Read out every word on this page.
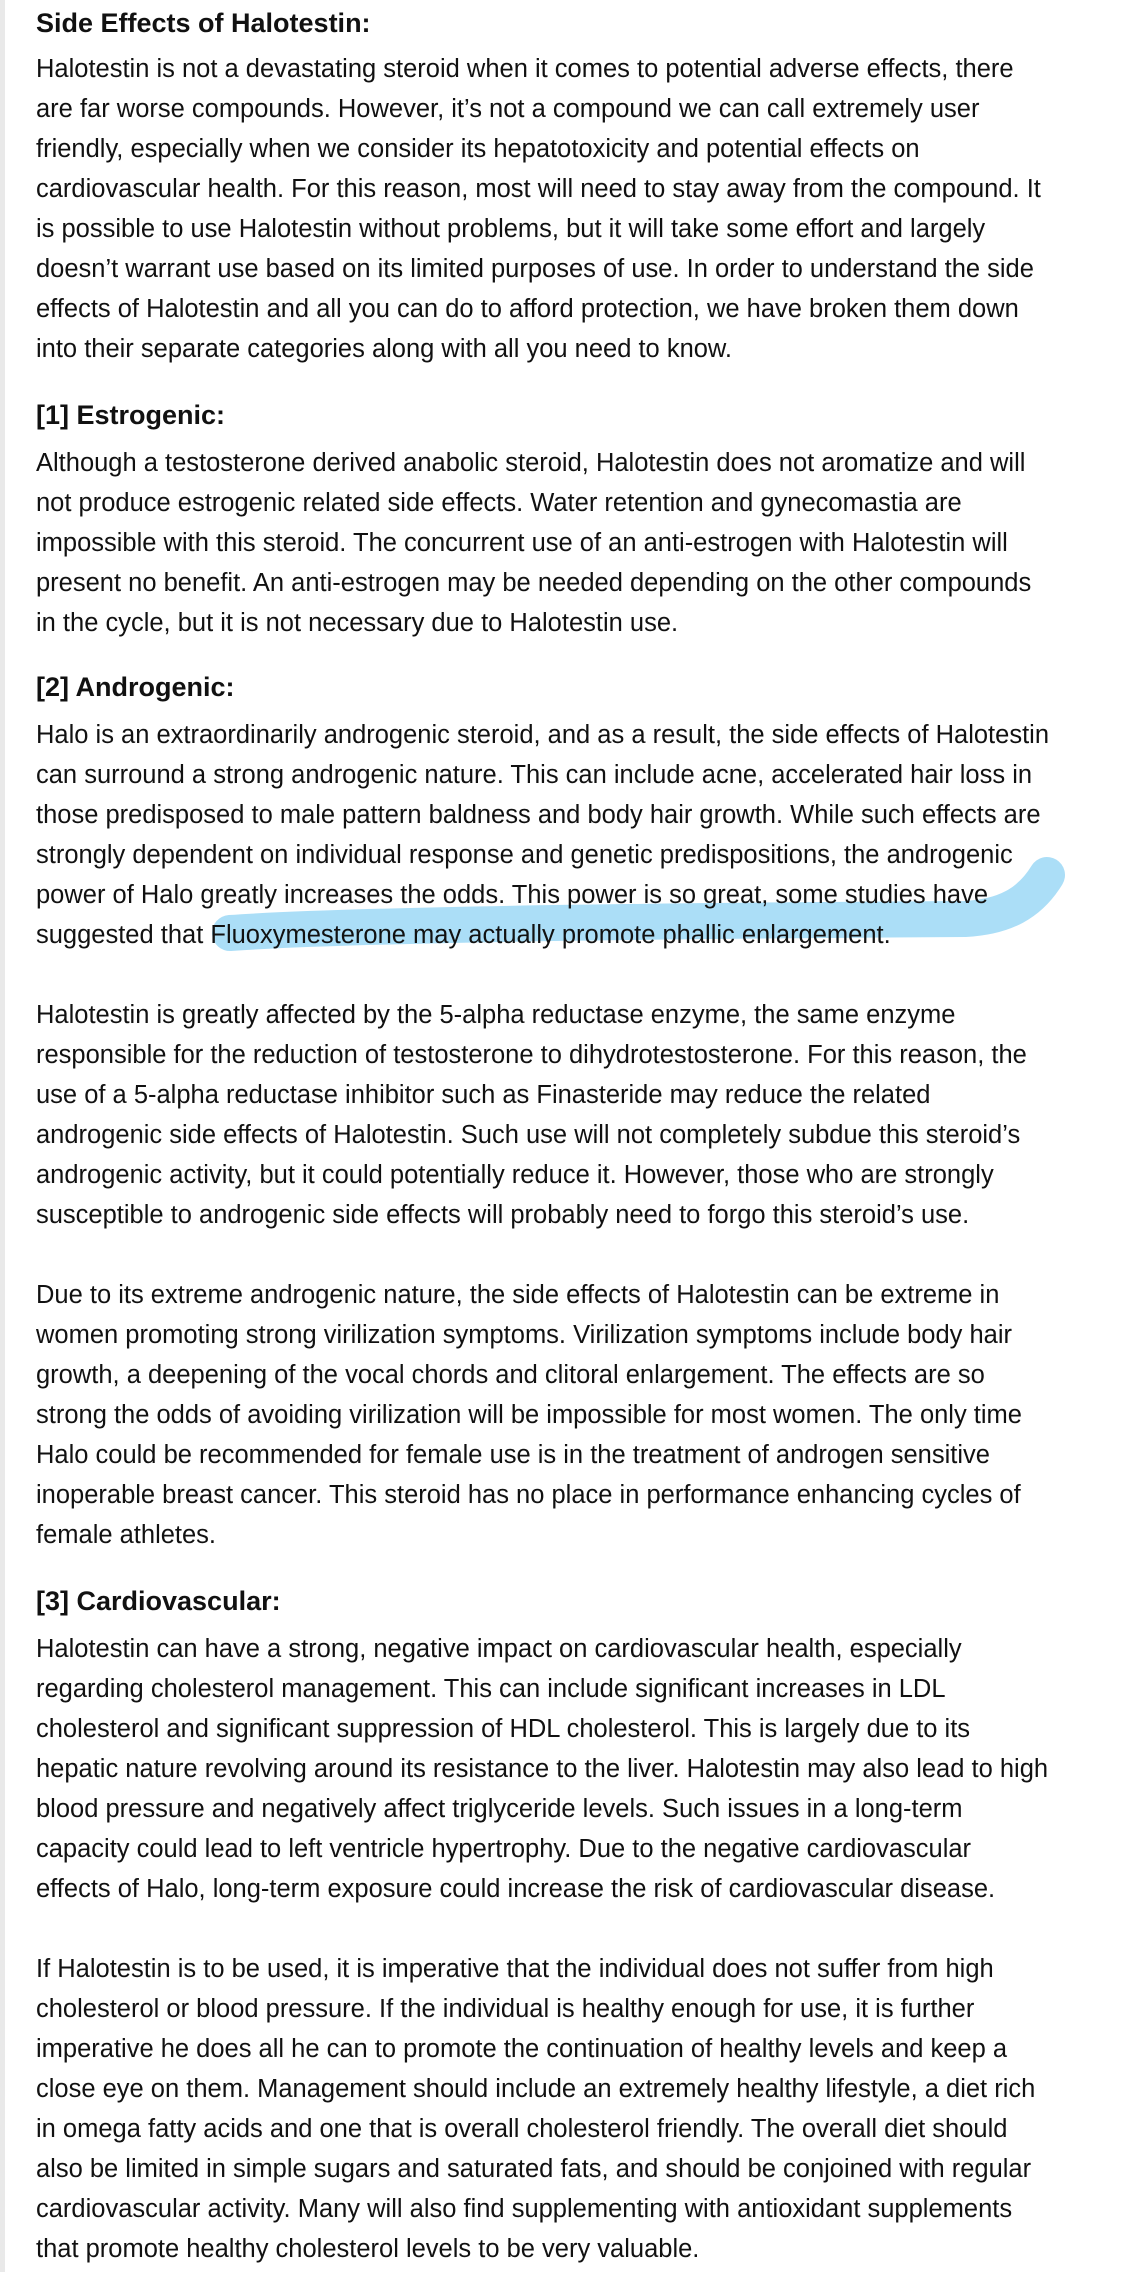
Side Effects of Halotestin:
Halotestin is not a devastating steroid when it comes to potential adverse effects, there
are far worse compounds. However, it’s not a compound we can call extremely user
friendly, especially when we consider its hepatotoxicity and potential effects on
cardiovascular health. For this reason, most will need to stay away from the compound. It
is possible to use Halotestin without problems, but it will take some effort and largely
doesn’t warrant use based on its limited purposes of use. In order to understand the side
effects of Halotestin and all you can do to afford protection, we have broken them down
into their separate categories along with all you need to know.
[1] Estrogenic:
Although a testosterone derived anabolic steroid, Halotestin does not aromatize and will
not produce estrogenic related side effects. Water retention and gynecomastia are
impossible with this steroid. The concurrent use of an anti-estrogen with Halotestin will
present no benefit. An anti-estrogen may be needed depending on the other compounds
in the cycle, but it is not necessary due to Halotestin use.
[2] Androgenic:
Halo is an extraordinarily androgenic steroid, and as a result, the side effects of Halotestin
can surround a strong androgenic nature. This can include acne, accelerated hair loss in
those predisposed to male pattern baldness and body hair growth. While such effects are
strongly dependent on individual response and genetic predispositions, the androgenic
power of Halo greatly increases the odds. This power is so great, some studies have
suggested that Fluoxymesterone may actually promote phallic enlargement.
Halotestin is greatly affected by the 5-alpha reductase enzyme, the same enzyme
responsible for the reduction of testosterone to dihydrotestosterone. For this reason, the
use of a 5-alpha reductase inhibitor such as Finasteride may reduce the related
androgenic side effects of Halotestin. Such use will not completely subdue this steroid’s
androgenic activity, but it could potentially reduce it. However, those who are strongly
susceptible to androgenic side effects will probably need to forgo this steroid’s use.
Due to its extreme androgenic nature, the side effects of Halotestin can be extreme in
women promoting strong virilization symptoms. Virilization symptoms include body hair
growth, a deepening of the vocal chords and clitoral enlargement. The effects are so
strong the odds of avoiding virilization will be impossible for most women. The only time
Halo could be recommended for female use is in the treatment of androgen sensitive
inoperable breast cancer. This steroid has no place in performance enhancing cycles of
female athletes.
[3] Cardiovascular:
Halotestin can have a strong, negative impact on cardiovascular health, especially
regarding cholesterol management. This can include significant increases in LDL
cholesterol and significant suppression of HDL cholesterol. This is largely due to its
hepatic nature revolving around its resistance to the liver. Halotestin may also lead to high
blood pressure and negatively affect triglyceride levels. Such issues in a long-term
capacity could lead to left ventricle hypertrophy. Due to the negative cardiovascular
effects of Halo, long-term exposure could increase the risk of cardiovascular disease.
If Halotestin is to be used, it is imperative that the individual does not suffer from high
cholesterol or blood pressure. If the individual is healthy enough for use, it is further
imperative he does all he can to promote the continuation of healthy levels and keep a
close eye on them. Management should include an extremely healthy lifestyle, a diet rich
in omega fatty acids and one that is overall cholesterol friendly. The overall diet should
also be limited in simple sugars and saturated fats, and should be conjoined with regular
cardiovascular activity. Many will also find supplementing with antioxidant supplements
that promote healthy cholesterol levels to be very valuable.
